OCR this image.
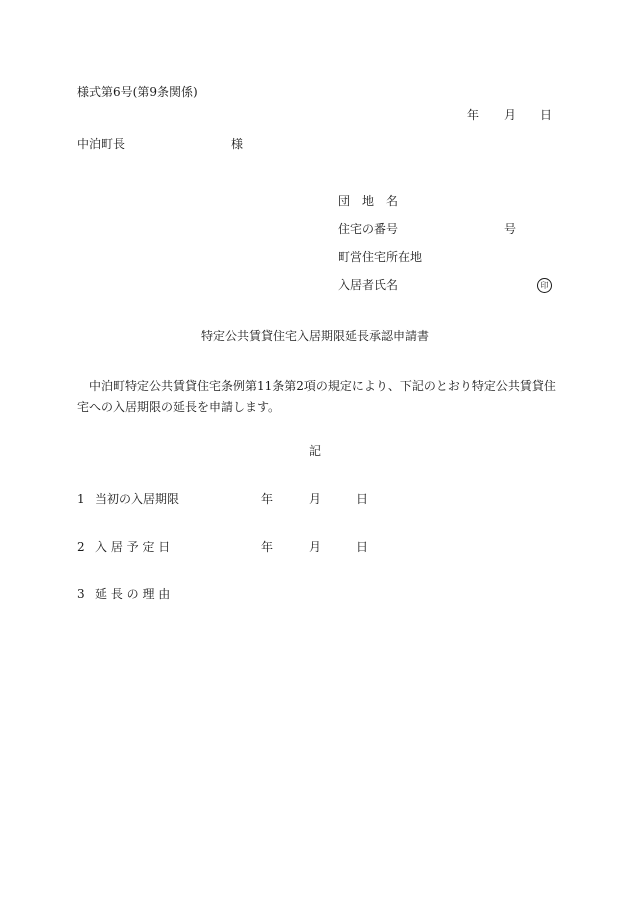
様式第6号(第9条関係)
年 月 日
中泊町長	様
団　地　名
住宅の番号	号
町営住宅所在地
入居者氏名	印
特定公共賃貸住宅入居期限延長承認申請書
中泊町特定公共賃貸住宅条例第11条第2項の規定により、下記のとおり特定公共賃貸住宅への入居期限の延長を申請します。
記
1 当初の入居期限	年	月	日
2 入 居 予 定 日	年	月	日
3 延 長 の 理 由
